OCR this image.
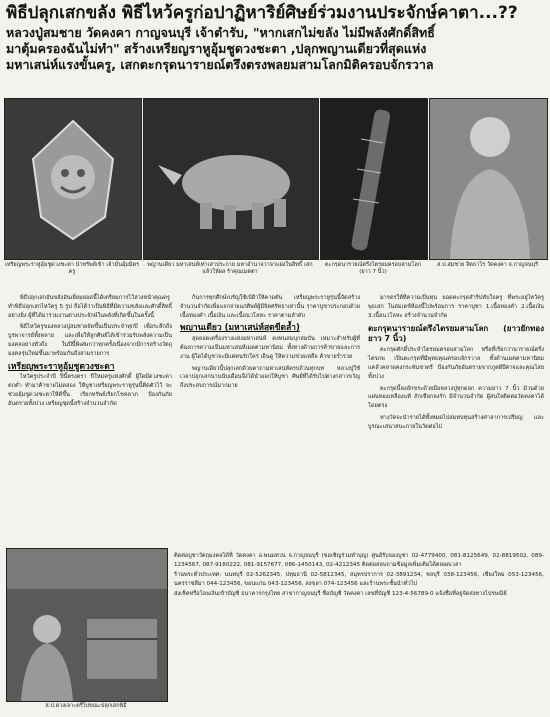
พิธีปลุกเสกขลัง พิธีไหว้ครูก่อปาฏิหาริย์ศิษย์ร่วมงานประจักษ์คาตา...??
หลวงปู่สมชาย วัดคงคา กาญจนบุรี เจ้าตำรับ, "หากเสกไม่ขลัง ไม่มีพลังศักดิ์สิทธิ์
มาตุ้มครองฉันไม่ทำ" สร้างเหรียญราหูอุ้มชูดวงชะตา ,ปลุกพญานเดียวที่สุดแห่ง
มหาเสน่ห์แรงขั้นครู, เสกตะกรุดนารายณ์ตรึงตรงพลยมสามโลกมิติครอบจักรวาล
เหรียญพระราหูอุ้มชูดวงชะตา นำทรัพย์เข้า เจ้ามั่นอุ้มมิตรครู
พญานเดียว มหาเสน่ห์เท่าเสาประกาย มหาอำนาจวาจาแฝงในสิทธิ์ เสกแล้วให้ผล ร้าคุณเมตตา
ตะกรุดนารายณ์ตรึงไตรยมครอบสามโลก (ยาว 7 นิ้ว)
ส.ป.สมชาย จิตธาโร วัดคงคา จ.กาญจนบุรี

พิธีปลุกเสกอันขลังอันเยี่ยมยอดนี้ได้เตรียมการไว้ล่วงหน้าคุณครูทำพิธีปลุกเสกไหว้ครู 5 รูป ถือได้ว่าเป็นพิธีที่มีความขลังและศักดิ์สิทธิ์อย่างยิ่ง ผู้ที่ได้มาร่วมงานต่างประจักษ์ในพลังที่เกิดขึ้นในครั้งนี้

พิธีไหว้ครูของหลวงปู่สมชายจัดขึ้นเป็นประจำทุกปี เพื่อระลึกถึงบูรพาจารย์ทั้งหลาย และเพื่อให้ลูกศิษย์ได้เข้าร่วมรับพลังความเป็นมงคลอย่างทั่วถึง ในปีนี้พิเศษกว่าทุกครั้งเนื่องจากมีการสร้างวัตถุมงคลรุ่นใหม่ขึ้นมาพร้อมกันถึงสามรายการ

เหรียญพระราหูอุ้มชูดวงชะตา

ไหว้ครูประจำปี ปีนี้ตรงตรา ปีใหม่ครูแห่งศักดิ์ ผู้ใดมีดวงชะตาตกต่ำ ทำมาค้าขายไม่คล่อง ให้บูชาเหรียญพระราหูรุ่นนี้ติดตัวไว้ จะช่วยอุ้มชูดวงชะตาให้ดีขึ้น เรียกทรัพย์เรียกโชคลาภ ป้องกันภัยอันตรายทั้งปวง เหรียญชุดนี้สร้างจำนวนจำกัด

ก้นการทุกศึกษ์เบรัญใช้เบ้ฝำให้คาดตัน เหรียญพระราหูรุ่นนี้จัดสร้างจำนวนจำกัดเพื่อแจกจ่ายแก่ศิษย์ผู้มีจิตศรัทธาเท่านั้น ราคาบูชาประกอบด้วยเนื้อทองคำ เนื้อเงิน และเนื้อนวโลหะ ราคาตามลำดับ

พญานเดียว (มหาเสน่ห์สุดขีดล้ำ)

สุดยอดเครื่องรางแห่งมหาเสน่ห์ คงทนสมบุกสมบัน เหมาะสำหรับผู้ที่ต้องการความเป็นมหาเสน่ห์เมตตามหานิยม ทั้งทางด้านการค้าขายและการงาน ผู้ใดได้บูชาจะมีแต่คนรักใคร่ เอ็นดู ให้ความช่วยเหลือ ค้าขายร่ำรวย

พญานเดียวนี้ปลุกเสกด้วยคาถามหาเสน่ห์ครบถ้วนทุกบท หลวงปู่ใช้เวลาปลุกเสกนานนับเดือนจึงได้นำออกให้บูชา ศิษย์ที่ได้รับไปต่างกล่าวขวัญถึงประสบการณ์มากมาย

มารดรให้ทีความเป็นทุน ยอดตะกรุดสำริปทับใจครู ที่พระอยู่ไหว้ครูพุธเสก ในสมเดช์ห้องนี้ไปพร้อมการ ราคาบูชา 1.เนื้อทองคำ 2.เนื้อเงิน 3.เนื้อนวโลหะ สร้างจำนวนจำกัด

ตะกรุดนารายณ์ตรึงไตรยมสามโลก (ยาวยักทอง ยาว 7 นิ้ว)

ตะกรุดศักดิ์ประจำไตรยมครอบสามโลก หรือที่เรียกว่านารายณ์ตรึงไตรภพ เป็นตะกรุดที่มีพุทธคุณครอบจักรวาล ทั้งด้านเมตตามหานิยม แคล้วคลาดคงกระพันชาตรี ป้องกันภัยอันตรายจากภูตผีปีศาจและคุณไสยทั้งปวง

ตะกรุดนี้ลงอักขระด้วยมือหลวงปู่ทุกดอก ความยาว 7 นิ้ว ม้วนด้วยแผ่นทองเหลืองแท้ ถักเชือกลงรัก มีจำนวนจำกัด ผู้สนใจติดต่อวัดคงคาได้โดยตรง

ทางวัดจะนำรายได้ทั้งหมดไปสมทบทุนสร้างศาลาการเปรียญ และบูรณะเสนาสนะภายในวัดต่อไป

ส.ป.ดวงเจาะตรีไบ่ขณะปลุกเสกพิธี

ติดต่อบูชาวัตถุมงคลได้ที่ วัดคงคา อ.พนมทวน จ.กาญจนบุรี (ขอเชิญร่วมทำบุญ) ศูนย์รับจองบูชา 02-4779400, 081-8125649, 02-8819502, 089-1234567, 087-9180222, 081-9157677, 086-1450143, 02-4212345 ติดต่อสอบถามข้อมูลเพิ่มเติมได้ตลอดเวลา

ร้านพระทั่วประเทศ: นนทบุรี 02-5262345, ปทุมธานี 02-5812345, สมุทรปราการ 02-3891234, ชลบุรี 038-123456, เชียงใหม่ 053-123456, นครราชสีมา 044-123456, ขอนแก่น 043-123456, สงขลา 074-123456 และร้านพระชั้นนำทั่วไป

ส่งเช็คหรือโอนเงินเข้าบัญชี ธนาคารกรุงไทย สาขากาญจนบุรี ชื่อบัญชี วัดคงคา เลขที่บัญชี 123-4-56789-0 แจ้งชื่อที่อยู่จัดส่งทางไปรษณีย์
